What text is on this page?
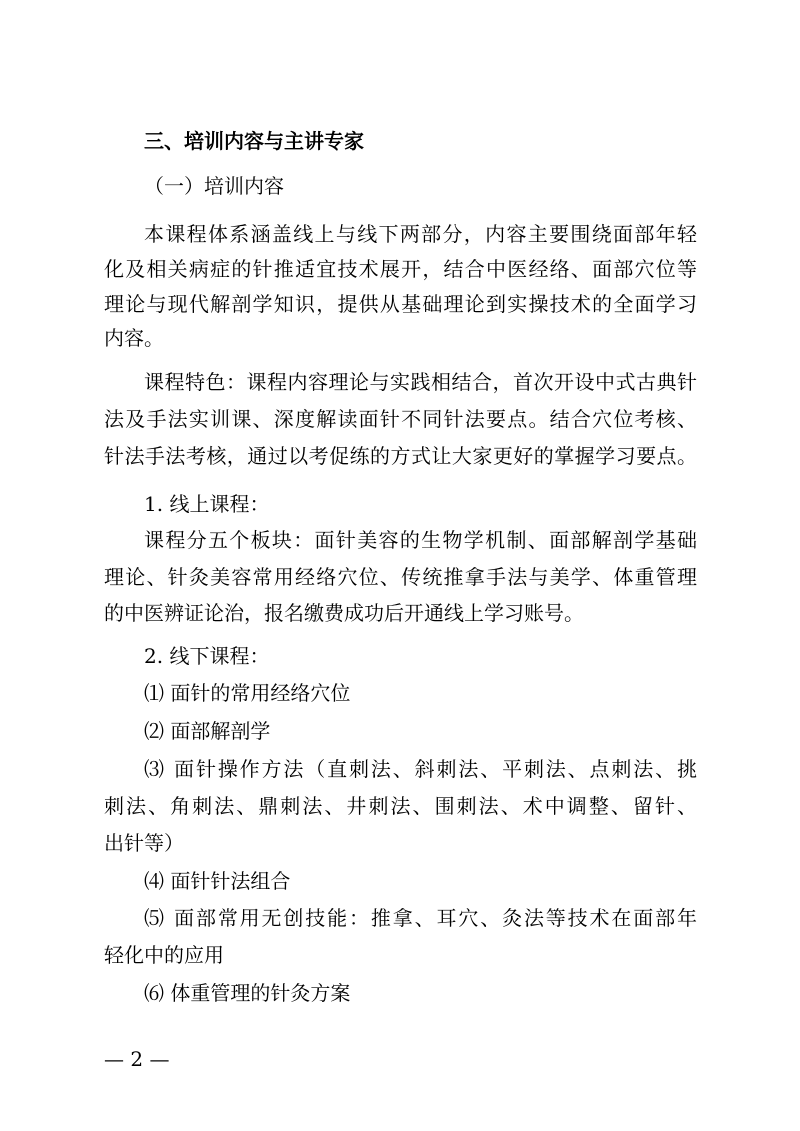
三、培训内容与主讲专家
（一）培训内容
本课程体系涵盖线上与线下两部分，内容主要围绕面部年轻
化及相关病症的针推适宜技术展开，结合中医经络、面部穴位等
理论与现代解剖学知识，提供从基础理论到实操技术的全面学习
内容。
课程特色：课程内容理论与实践相结合，首次开设中式古典针
法及手法实训课、深度解读面针不同针法要点。结合穴位考核、
针法手法考核，通过以考促练的方式让大家更好的掌握学习要点。
1. 线上课程：
课程分五个板块：面针美容的生物学机制、面部解剖学基础
理论、针灸美容常用经络穴位、传统推拿手法与美学、体重管理
的中医辨证论治，报名缴费成功后开通线上学习账号。
2. 线下课程：
⑴ 面针的常用经络穴位
⑵ 面部解剖学
⑶ 面针操作方法（直刺法、斜刺法、平刺法、点刺法、挑
刺法、角刺法、鼎刺法、井刺法、围刺法、术中调整、留针、
出针等）
⑷ 面针针法组合
⑸ 面部常用无创技能：推拿、耳穴、灸法等技术在面部年
轻化中的应用
⑹ 体重管理的针灸方案
— 2 —
